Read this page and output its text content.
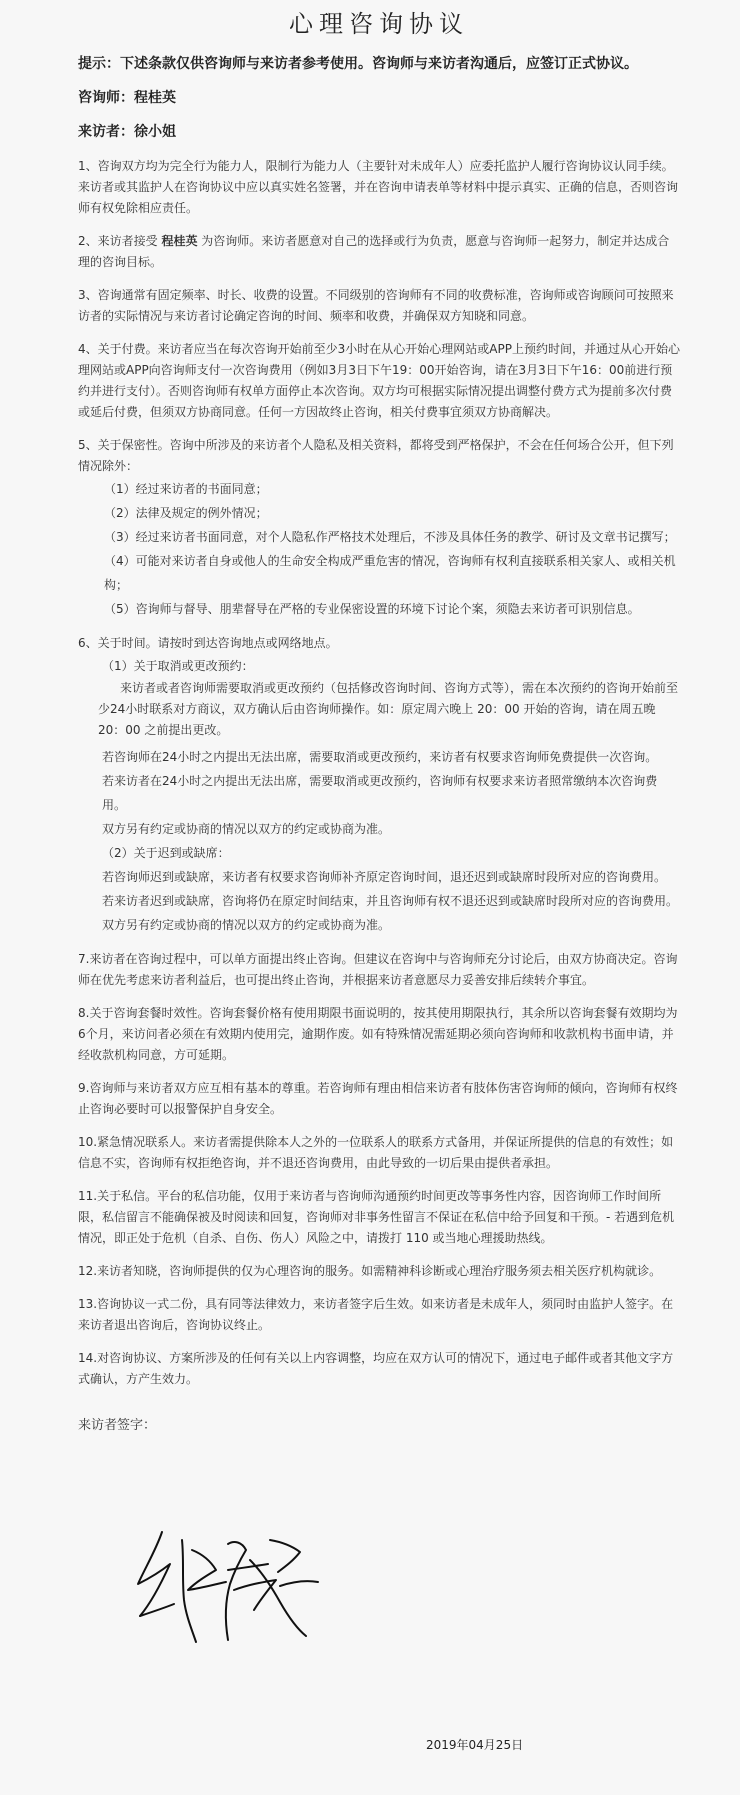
心理咨询协议

提示：下述条款仅供咨询师与来访者参考使用。咨询师与来访者沟通后，应签订正式协议。

咨询师：程桂英

来访者：徐小姐

1、咨询双方均为完全行为能力人，限制行为能力人（主要针对未成年人）应委托监护人履行咨询协议认同手续。来访者或其监护人在咨询协议中应以真实姓名签署，并在咨询申请表单等材料中提示真实、正确的信息，否则咨询师有权免除相应责任。

2、来访者接受 程桂英 为咨询师。来访者愿意对自己的选择或行为负责，愿意与咨询师一起努力，制定并达成合理的咨询目标。

3、咨询通常有固定频率、时长、收费的设置。不同级别的咨询师有不同的收费标准，咨询师或咨询顾问可按照来访者的实际情况与来访者讨论确定咨询的时间、频率和收费，并确保双方知晓和同意。

4、关于付费。来访者应当在每次咨询开始前至少3小时在从心开始心理网站或APP上预约时间，并通过从心开始心理网站或APP向咨询师支付一次咨询费用（例如3月3日下午19：00开始咨询，请在3月3日下午16：00前进行预约并进行支付）。否则咨询师有权单方面停止本次咨询。双方均可根据实际情况提出调整付费方式为提前多次付费或延后付费，但须双方协商同意。任何一方因故终止咨询，相关付费事宜须双方协商解决。

5、关于保密性。咨询中所涉及的来访者个人隐私及相关资料，都将受到严格保护，不会在任何场合公开，但下列情况除外：
（1）经过来访者的书面同意；
（2）法律及规定的例外情况；
（3）经过来访者书面同意，对个人隐私作严格技术处理后，不涉及具体任务的教学、研讨及文章书记撰写；
（4）可能对来访者自身或他人的生命安全构成严重危害的情况，咨询师有权利直接联系相关家人、或相关机构；
（5）咨询师与督导、朋辈督导在严格的专业保密设置的环境下讨论个案，须隐去来访者可识别信息。
6、关于时间。请按时到达咨询地点或网络地点。
（1）关于取消或更改预约：
来访者或者咨询师需要取消或更改预约（包括修改咨询时间、咨询方式等），需在本次预约的咨询开始前至少24小时联系对方商议，双方确认后由咨询师操作。如：原定周六晚上 20：00 开始的咨询，请在周五晚 20：00 之前提出更改。
若咨询师在24小时之内提出无法出席，需要取消或更改预约，来访者有权要求咨询师免费提供一次咨询。
若来访者在24小时之内提出无法出席，需要取消或更改预约，咨询师有权要求来访者照常缴纳本次咨询费用。
双方另有约定或协商的情况以双方的约定或协商为准。
（2）关于迟到或缺席：
若咨询师迟到或缺席，来访者有权要求咨询师补齐原定咨询时间，退还迟到或缺席时段所对应的咨询费用。
若来访者迟到或缺席，咨询将仍在原定时间结束，并且咨询师有权不退还迟到或缺席时段所对应的咨询费用。
双方另有约定或协商的情况以双方的约定或协商为准。

7.来访者在咨询过程中，可以单方面提出终止咨询。但建议在咨询中与咨询师充分讨论后，由双方协商决定。咨询师在优先考虑来访者利益后，也可提出终止咨询，并根据来访者意愿尽力妥善安排后续转介事宜。

8.关于咨询套餐时效性。咨询套餐价格有使用期限书面说明的，按其使用期限执行，其余所以咨询套餐有效期均为6个月，来访问者必须在有效期内使用完，逾期作废。如有特殊情况需延期必须向咨询师和收款机构书面申请，并经收款机构同意，方可延期。

9.咨询师与来访者双方应互相有基本的尊重。若咨询师有理由相信来访者有肢体伤害咨询师的倾向，咨询师有权终止咨询必要时可以报警保护自身安全。

10.紧急情况联系人。来访者需提供除本人之外的一位联系人的联系方式备用，并保证所提供的信息的有效性；如信息不实，咨询师有权拒绝咨询，并不退还咨询费用，由此导致的一切后果由提供者承担。

11.关于私信。平台的私信功能，仅用于来访者与咨询师沟通预约时间更改等事务性内容，因咨询师工作时间所限，私信留言不能确保被及时阅读和回复，咨询师对非事务性留言不保证在私信中给予回复和干预。- 若遇到危机情况，即正处于危机（自杀、自伤、伤人）风险之中，请拨打 110 或当地心理援助热线。

12.来访者知晓，咨询师提供的仅为心理咨询的服务。如需精神科诊断或心理治疗服务须去相关医疗机构就诊。

13.咨询协议一式二份，具有同等法律效力，来访者签字后生效。如来访者是未成年人，须同时由监护人签字。在来访者退出咨询后，咨询协议终止。

14.对咨询协议、方案所涉及的任何有关以上内容调整，均应在双方认可的情况下，通过电子邮件或者其他文字方式确认，方产生效力。

来访者签字：
2019年04月25日
